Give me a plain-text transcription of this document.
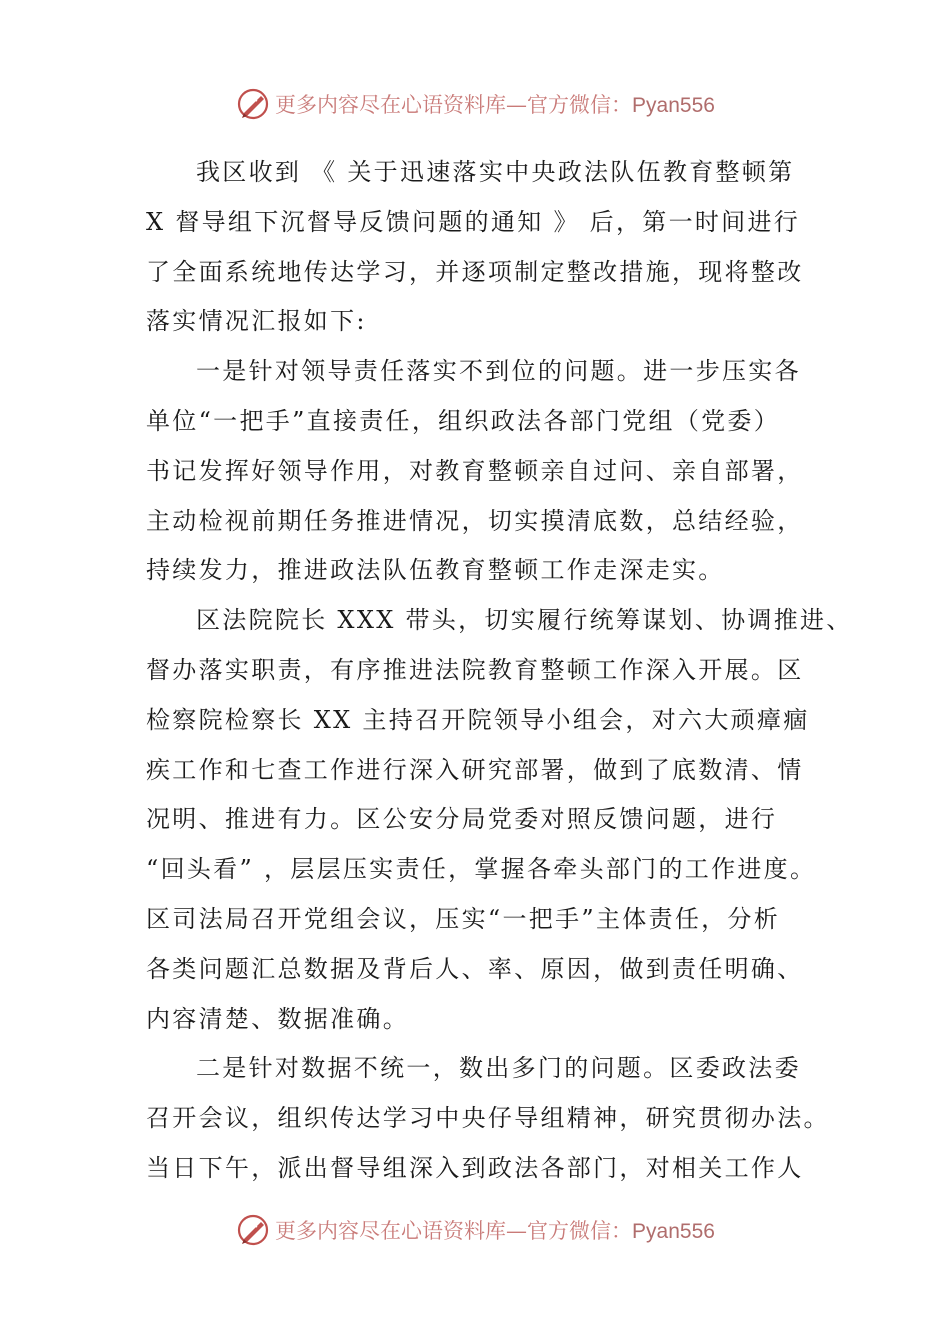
更多内容尽在心语资料库—官方微信：Pyan556
我区收到 《 关于迅速落实中央政法队伍教育整顿第
X 督导组下沉督导反馈问题的通知 》 后，第一时间进行
了全面系统地传达学习，并逐项制定整改措施，现将整改
落实情况汇报如下:
一是针对领导责任落实不到位的问题。进一步压实各
单位“一把手”直接责任，组织政法各部门党组（党委）
书记发挥好领导作用，对教育整顿亲自过问、亲自部署，
主动检视前期任务推进情况，切实摸清底数，总结经验，
持续发力，推进政法队伍教育整顿工作走深走实。
区法院院长 XXX 带头，切实履行统筹谋划、协调推进、
督办落实职责，有序推进法院教育整顿工作深入开展。区
检察院检察长 XX 主持召开院领导小组会，对六大顽瘴痼
疾工作和七查工作进行深入研究部署，做到了底数清、情
况明、推进有力。区公安分局党委对照反馈问题，进行
“回头看” ，层层压实责任，掌握各牵头部门的工作进度。
区司法局召开党组会议，压实“一把手”主体责任，分析
各类问题汇总数据及背后人、率、原因，做到责任明确、
内容清楚、数据准确。
二是针对数据不统一，数出多门的问题。区委政法委
召开会议，组织传达学习中央仔导组精神，研究贯彻办法。
当日下午，派出督导组深入到政法各部门，对相关工作人
更多内容尽在心语资料库—官方微信：Pyan556
